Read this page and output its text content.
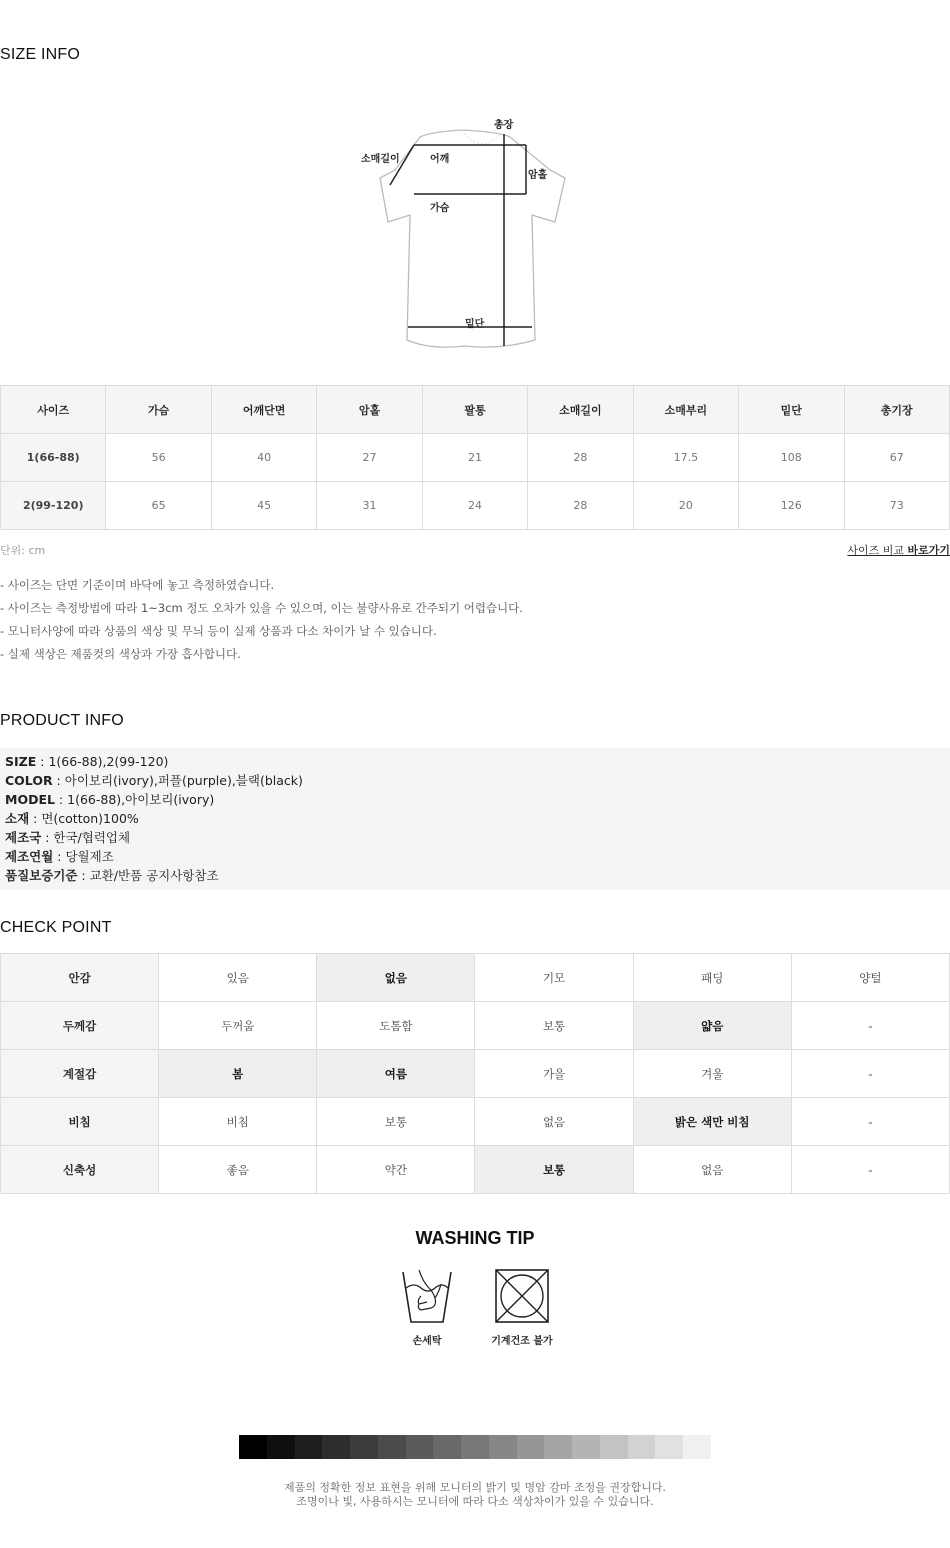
SIZE INFO
총장
소매길이	어깨
암홀
가슴
밑단
사이즈	가슴	어깨단면	암홀	팔통	소매길이	소매부리	밑단	총기장
1(66-88)	56	40	27	21	28	17.5	108	67
2(99-120)	65	45	31	24	28	20	126	73
단위: cm	사이즈 비교 바로가기

- 사이즈는 단면 기준이며 바닥에 놓고 측정하였습니다.

- 사이즈는 측정방법에 따라 1~3cm 정도 오차가 있을 수 있으며, 이는 불량사유로 간주되기 어렵습니다.

- 모니터사양에 따라 상품의 색상 및 무늬 등이 실제 상품과 다소 차이가 날 수 있습니다.

- 실제 색상은 제품컷의 색상과 가장 흡사합니다.

PRODUCT INFO
SIZE : 1(66-88),2(99-120)
COLOR : 아이보리(ivory),퍼플(purple),블랙(black)
MODEL : 1(66-88),아이보리(ivory)
소재 : 면(cotton)100%
제조국 : 한국/협력업체
제조연월 : 당월제조
품질보증기준 : 교환/반품 공지사항참조
CHECK POINT
안감	있음	없음	기모	패딩	양털
두께감	두꺼움	도톰함	보통	얇음	-
계절감	봄	여름	가을	겨울	-
비침	비침	보통	없음	밝은 색만 비침	-
신축성	좋음	약간	보통	없음	-
WASHING TIP
손세탁	기계건조 불가
제품의 정확한 정보 표현을 위해 모니터의 밝기 및 명암 감마 조정을 권장합니다.
조명이나 빛, 사용하시는 모니터에 따라 다소 색상차이가 있을 수 있습니다.
